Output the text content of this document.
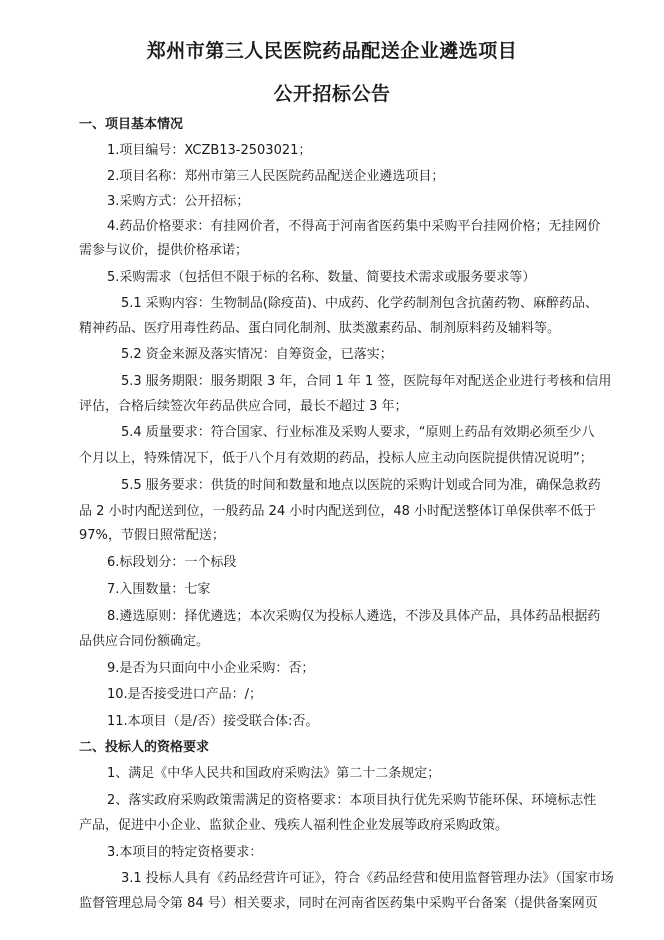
郑州市第三人民医院药品配送企业遴选项目
公开招标公告
一、项目基本情况
1.项目编号：XCZB13-2503021；
2.项目名称：郑州市第三人民医院药品配送企业遴选项目；
3.采购方式：公开招标；
4.药品价格要求：有挂网价者，不得高于河南省医药集中采购平台挂网价格；无挂网价
需参与议价，提供价格承诺；
5.采购需求（包括但不限于标的名称、数量、简要技术需求或服务要求等）
5.1 采购内容：生物制品(除疫苗)、中成药、化学药制剂包含抗菌药物、麻醉药品、
精神药品、医疗用毒性药品、蛋白同化制剂、肽类激素药品、制剂原料药及辅料等。
5.2 资金来源及落实情况：自筹资金，已落实；
5.3 服务期限：服务期限 3 年，合同 1 年 1 签，医院每年对配送企业进行考核和信用
评估，合格后续签次年药品供应合同，最长不超过 3 年；
5.4 质量要求：符合国家、行业标准及采购人要求，“原则上药品有效期必须至少八
个月以上，特殊情况下，低于八个月有效期的药品，投标人应主动向医院提供情况说明”；
5.5 服务要求：供货的时间和数量和地点以医院的采购计划或合同为准，确保急救药
品 2 小时内配送到位，一般药品 24 小时内配送到位，48 小时配送整体订单保供率不低于
97%，节假日照常配送；
6.标段划分：一个标段
7.入围数量：七家
8.遴选原则：择优遴选；本次采购仅为投标人遴选，不涉及具体产品，具体药品根据药
品供应合同份额确定。
9.是否为只面向中小企业采购：否；
10.是否接受进口产品：/；
11.本项目（是/否）接受联合体:否。
二、投标人的资格要求
1、满足《中华人民共和国政府采购法》第二十二条规定；
2、落实政府采购政策需满足的资格要求：本项目执行优先采购节能环保、环境标志性
产品，促进中小企业、监狱企业、残疾人福利性企业发展等政府采购政策。
3.本项目的特定资格要求：
3.1 投标人具有《药品经营许可证》，符合《药品经营和使用监督管理办法》（国家市场
监督管理总局令第 84 号）相关要求，同时在河南省医药集中采购平台备案（提供备案网页
